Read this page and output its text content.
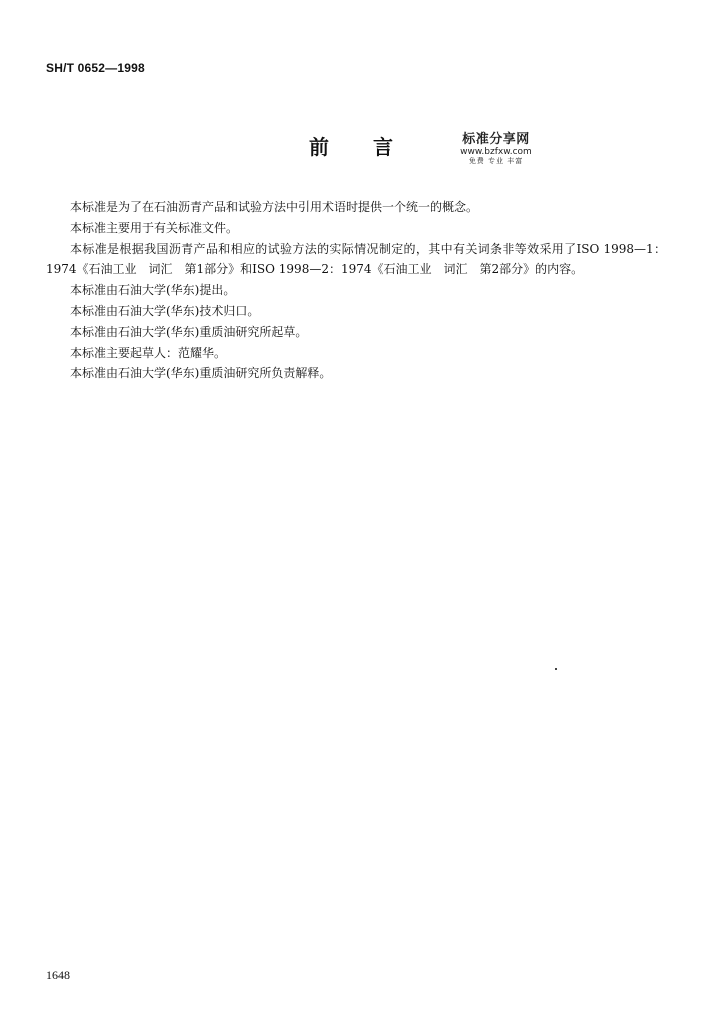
SH/T 0652—1998
前 言	标准分享网
www.bzfxw.com
免费 专业 丰富

本标准是为了在石油沥青产品和试验方法中引用术语时提供一个统一的概念。

本标准主要用于有关标准文件。

本标准是根据我国沥青产品和相应的试验方法的实际情况制定的，其中有关词条非等效采用了ISO 1998—1：1974《石油工业　词汇　第1部分》和ISO 1998—2：1974《石油工业　词汇　第2部分》的内容。

本标准由石油大学(华东)提出。

本标准由石油大学(华东)技术归口。

本标准由石油大学(华东)重质油研究所起草。

本标准主要起草人：范耀华。

本标准由石油大学(华东)重质油研究所负责解释。

1648
